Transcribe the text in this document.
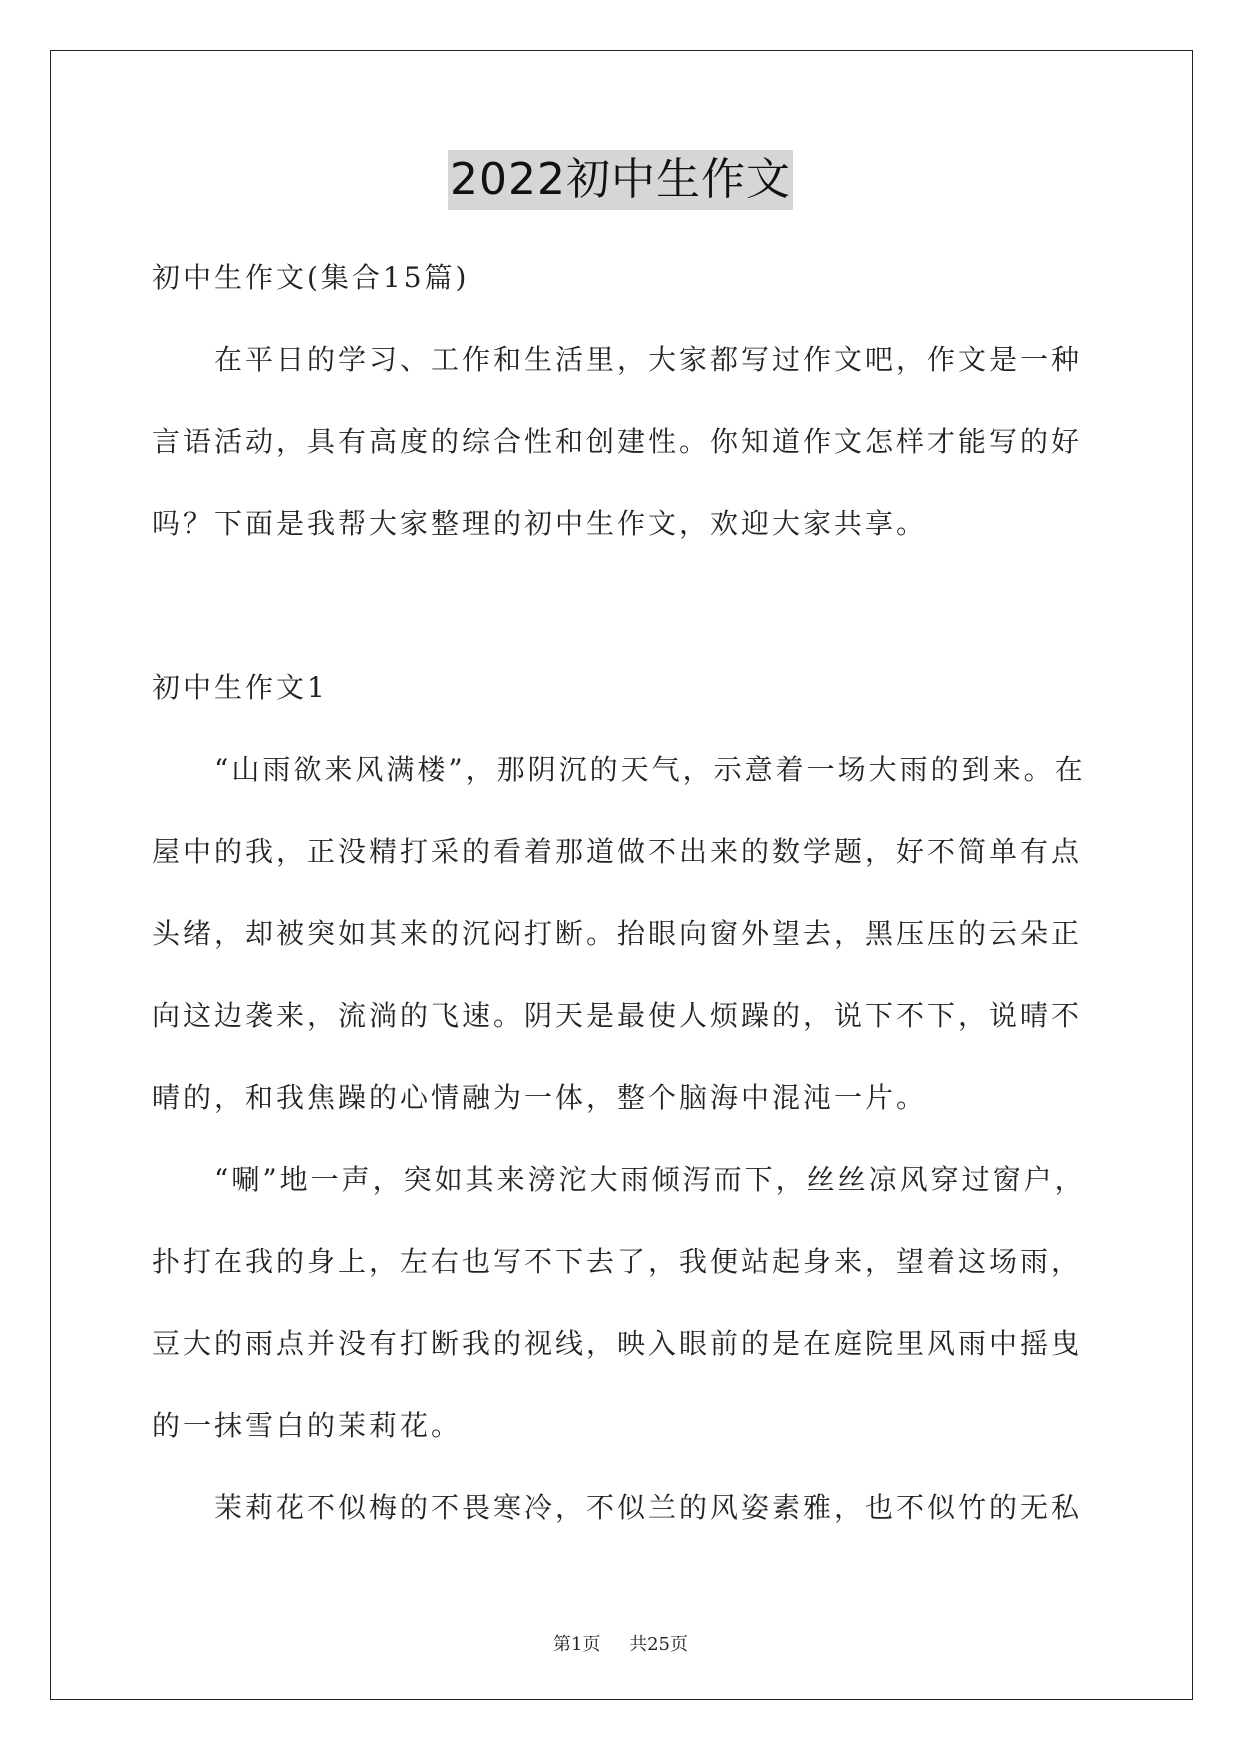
2022初中生作文
初中生作文(集合15篇)
在平日的学习、工作和生活里，大家都写过作文吧，作文是一种
言语活动，具有高度的综合性和创建性。你知道作文怎样才能写的好
吗？下面是我帮大家整理的初中生作文，欢迎大家共享。
初中生作文1
“山雨欲来风满楼”，那阴沉的天气，示意着一场大雨的到来。在
屋中的我，正没精打采的看着那道做不出来的数学题，好不简单有点
头绪，却被突如其来的沉闷打断。抬眼向窗外望去，黑压压的云朵正
向这边袭来，流淌的飞速。阴天是最使人烦躁的，说下不下，说晴不
晴的，和我焦躁的心情融为一体，整个脑海中混沌一片。
“唰”地一声，突如其来滂沱大雨倾泻而下，丝丝凉风穿过窗户，
扑打在我的身上，左右也写不下去了，我便站起身来，望着这场雨，
豆大的雨点并没有打断我的视线，映入眼前的是在庭院里风雨中摇曳
的一抹雪白的茉莉花。
茉莉花不似梅的不畏寒冷，不似兰的风姿素雅，也不似竹的无私
第1页 共25页
